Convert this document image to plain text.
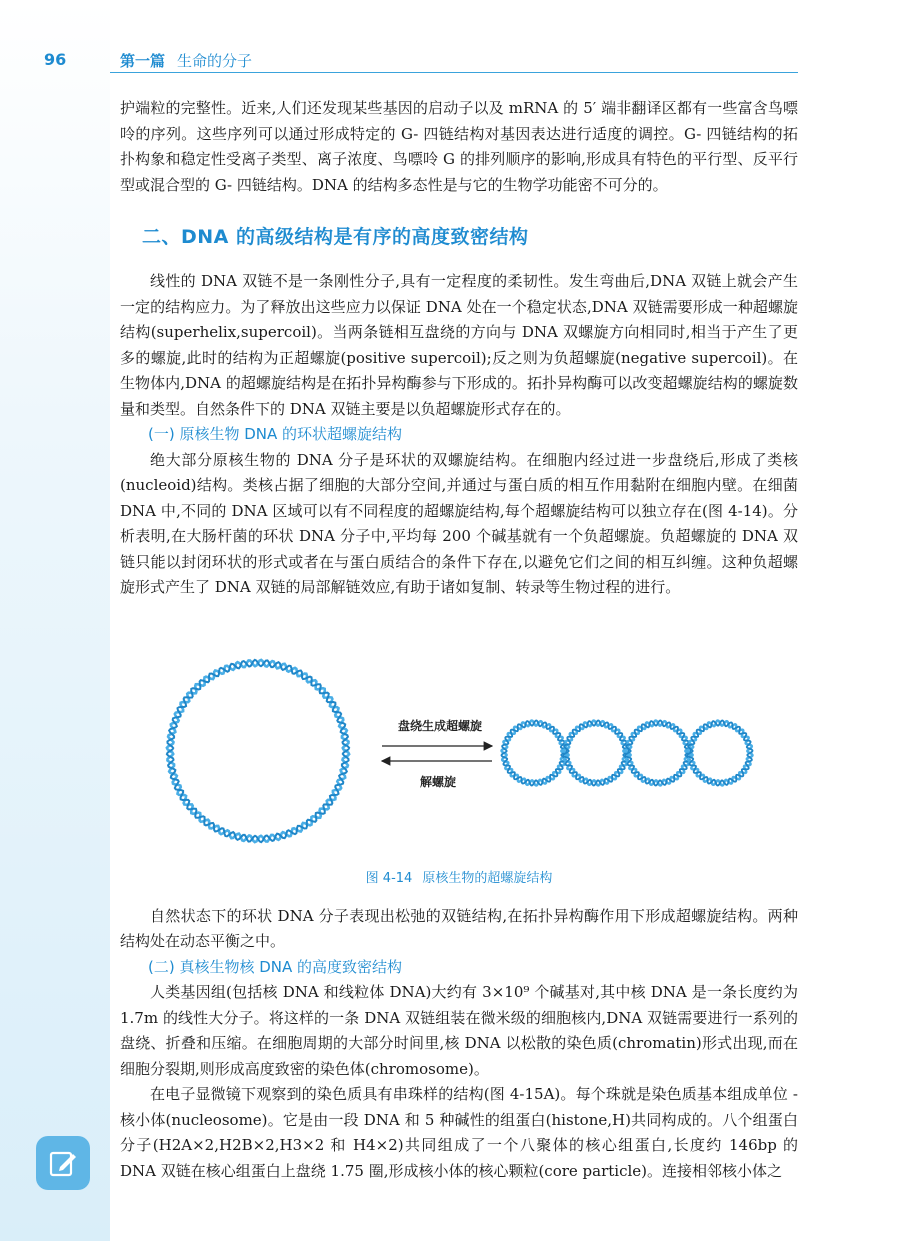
96	第一篇 生命的分子

护端粒的完整性。近来,人们还发现某些基因的启动子以及 mRNA 的 5′ 端非翻译区都有一些富含鸟嘌呤的序列。这些序列可以通过形成特定的 G- 四链结构对基因表达进行适度的调控。G- 四链结构的拓扑构象和稳定性受离子类型、离子浓度、鸟嘌呤 G 的排列顺序的影响,形成具有特色的平行型、反平行型或混合型的 G- 四链结构。DNA 的结构多态性是与它的生物学功能密不可分的。

二、DNA 的高级结构是有序的高度致密结构

线性的 DNA 双链不是一条刚性分子,具有一定程度的柔韧性。发生弯曲后,DNA 双链上就会产生一定的结构应力。为了释放出这些应力以保证 DNA 处在一个稳定状态,DNA 双链需要形成一种超螺旋结构(superhelix,supercoil)。当两条链相互盘绕的方向与 DNA 双螺旋方向相同时,相当于产生了更多的螺旋,此时的结构为正超螺旋(positive supercoil);反之则为负超螺旋(negative supercoil)。在生物体内,DNA 的超螺旋结构是在拓扑异构酶参与下形成的。拓扑异构酶可以改变超螺旋结构的螺旋数量和类型。自然条件下的 DNA 双链主要是以负超螺旋形式存在的。

(一) 原核生物 DNA 的环状超螺旋结构

绝大部分原核生物的 DNA 分子是环状的双螺旋结构。在细胞内经过进一步盘绕后,形成了类核(nucleoid)结构。类核占据了细胞的大部分空间,并通过与蛋白质的相互作用黏附在细胞内壁。在细菌 DNA 中,不同的 DNA 区域可以有不同程度的超螺旋结构,每个超螺旋结构可以独立存在(图 4-14)。分析表明,在大肠杆菌的环状 DNA 分子中,平均每 200 个碱基就有一个负超螺旋。负超螺旋的 DNA 双链只能以封闭环状的形式或者在与蛋白质结合的条件下存在,以避免它们之间的相互纠缠。这种负超螺旋形式产生了 DNA 双链的局部解链效应,有助于诸如复制、转录等生物过程的进行。

盘绕生成超螺旋
解螺旋
图 4-14 原核生物的超螺旋结构

自然状态下的环状 DNA 分子表现出松弛的双链结构,在拓扑异构酶作用下形成超螺旋结构。两种结构处在动态平衡之中。

(二) 真核生物核 DNA 的高度致密结构

人类基因组(包括核 DNA 和线粒体 DNA)大约有 3×10⁹ 个碱基对,其中核 DNA 是一条长度约为 1.7m 的线性大分子。将这样的一条 DNA 双链组装在微米级的细胞核内,DNA 双链需要进行一系列的盘绕、折叠和压缩。在细胞周期的大部分时间里,核 DNA 以松散的染色质(chromatin)形式出现,而在细胞分裂期,则形成高度致密的染色体(chromosome)。

在电子显微镜下观察到的染色质具有串珠样的结构(图 4-15A)。每个珠就是染色质基本组成单位 - 核小体(nucleosome)。它是由一段 DNA 和 5 种碱性的组蛋白(histone,H)共同构成的。八个组蛋白分子(H2A×2,H2B×2,H3×2 和 H4×2)共同组成了一个八聚体的核心组蛋白,长度约 146bp 的 DNA 双链在核心组蛋白上盘绕 1.75 圈,形成核小体的核心颗粒(core particle)。连接相邻核小体之
